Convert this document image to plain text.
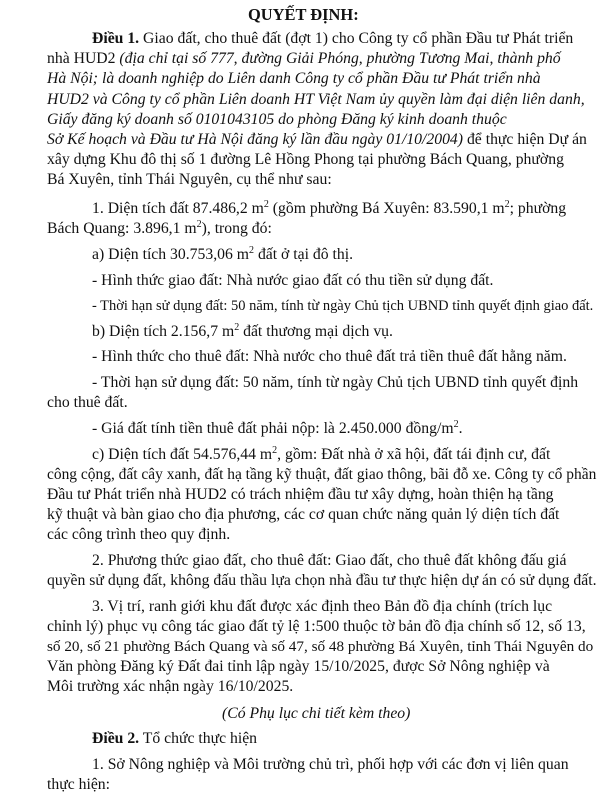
QUYẾT ĐỊNH:
Điều 1. Giao đất, cho thuê đất (đợt 1) cho Công ty cổ phần Đầu tư Phát triển
nhà HUD2 (địa chỉ tại số 777, đường Giải Phóng, phường Tương Mai, thành phố
Hà Nội; là doanh nghiệp do Liên danh Công ty cổ phần Đầu tư Phát triển nhà
HUD2 và Công ty cổ phần Liên doanh HT Việt Nam ủy quyền làm đại diện liên danh,
Giấy đăng ký doanh số 0101043105 do phòng Đăng ký kinh doanh thuộc
Sở Kế hoạch và Đầu tư Hà Nội đăng ký lần đầu ngày 01/10/2004) để thực hiện Dự án
xây dựng Khu đô thị số 1 đường Lê Hồng Phong tại phường Bách Quang, phường
Bá Xuyên, tỉnh Thái Nguyên, cụ thể như sau:
1. Diện tích đất 87.486,2 $m^2$ (gồm phường Bá Xuyên: 83.590,1 $m^2$; phường
Bách Quang: 3.896,1 $m^2$), trong đó:
a) Diện tích 30.753,06 $m^2$ đất ở tại đô thị.
- Hình thức giao đất: Nhà nước giao đất có thu tiền sử dụng đất.
- Thời hạn sử dụng đất: 50 năm, tính từ ngày Chủ tịch UBND tỉnh quyết định giao đất.
b) Diện tích 2.156,7 $m^2$ đất thương mại dịch vụ.
- Hình thức cho thuê đất: Nhà nước cho thuê đất trả tiền thuê đất hằng năm.
- Thời hạn sử dụng đất: 50 năm, tính từ ngày Chủ tịch UBND tỉnh quyết định
cho thuê đất.
- Giá đất tính tiền thuê đất phải nộp: là 2.450.000 đồng/$m^2$.
c) Diện tích đất 54.576,44 $m^2$, gồm: Đất nhà ở xã hội, đất tái định cư, đất
công cộng, đất cây xanh, đất hạ tầng kỹ thuật, đất giao thông, bãi đỗ xe. Công ty cổ phần
Đầu tư Phát triển nhà HUD2 có trách nhiệm đầu tư xây dựng, hoàn thiện hạ tầng
kỹ thuật và bàn giao cho địa phương, các cơ quan chức năng quản lý diện tích đất
các công trình theo quy định.
2. Phương thức giao đất, cho thuê đất: Giao đất, cho thuê đất không đấu giá
quyền sử dụng đất, không đấu thầu lựa chọn nhà đầu tư thực hiện dự án có sử dụng đất.
3. Vị trí, ranh giới khu đất được xác định theo Bản đồ địa chính (trích lục
chỉnh lý) phục vụ công tác giao đất tỷ lệ 1:500 thuộc tờ bản đồ địa chính số 12, số 13,
số 20, số 21 phường Bách Quang và số 47, số 48 phường Bá Xuyên, tỉnh Thái Nguyên do
Văn phòng Đăng ký Đất đai tỉnh lập ngày 15/10/2025, được Sở Nông nghiệp và
Môi trường xác nhận ngày 16/10/2025.
(Có Phụ lục chi tiết kèm theo)
Điều 2. Tổ chức thực hiện
1. Sở Nông nghiệp và Môi trường chủ trì, phối hợp với các đơn vị liên quan
thực hiện:
